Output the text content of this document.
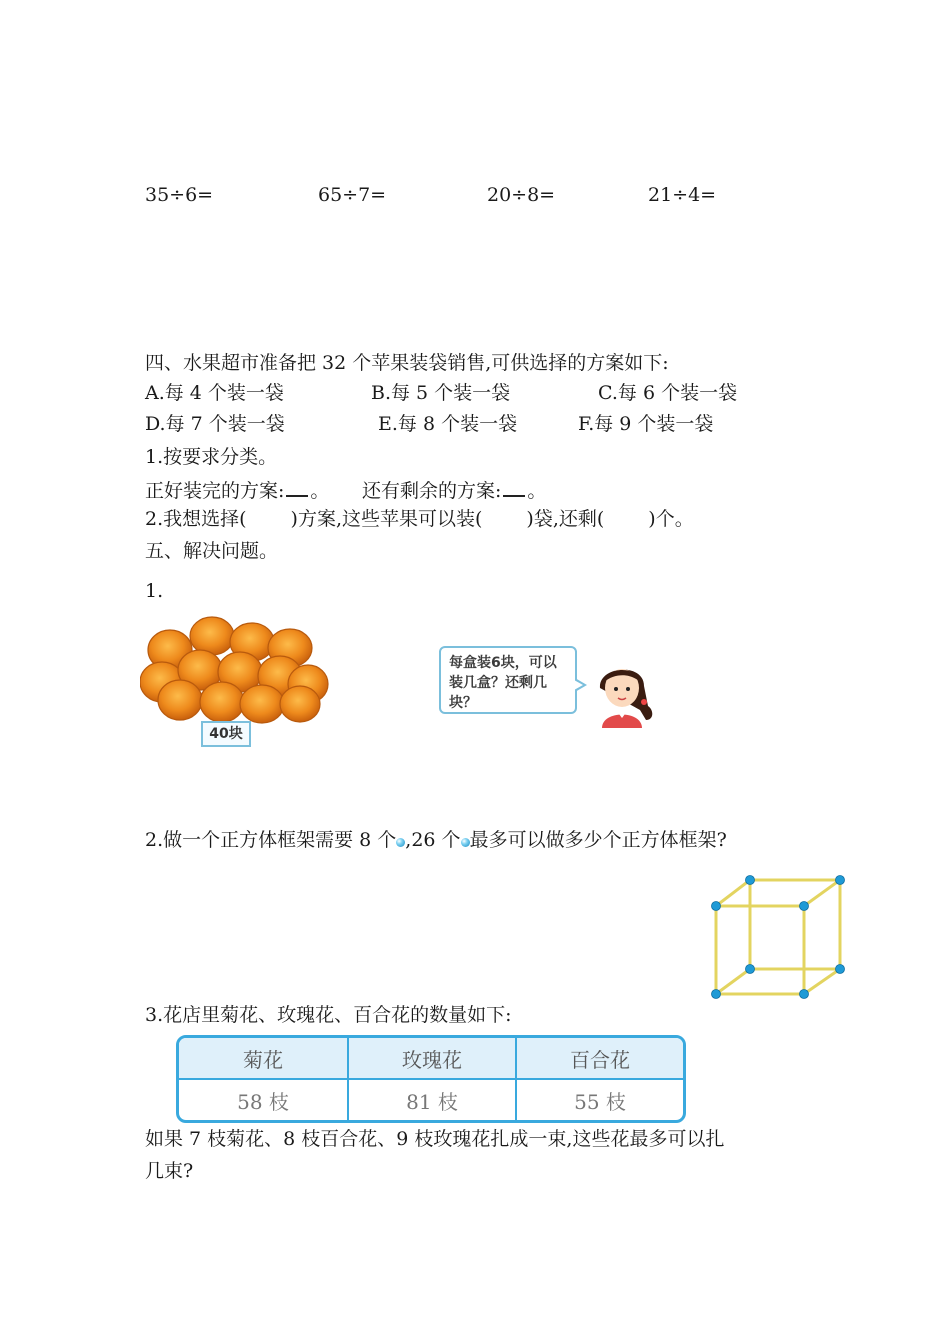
35÷6=	65÷7=	20÷8=	21÷4=
四、水果超市准备把 32 个苹果装袋销售,可供选择的方案如下:
A.每 4 个装一袋	B.每 5 个装一袋	C.每 6 个装一袋
D.每 7 个装一袋	E.每 8 个装一袋	F.每 9 个装一袋
1.按要求分类。
正好装完的方案: 。 还有剩余的方案: 。
2.我想选择( )方案,这些苹果可以装( )袋,还剩( )个。
五、解决问题。
1.
40块
每盒装6块，可以装几盒？还剩几块？
2.做一个正方体框架需要 8 个 ,26 个 最多可以做多少个正方体框架?
3.花店里菊花、玫瑰花、百合花的数量如下:
菊花	玫瑰花	百合花
58 枝	81 枝	55 枝
如果 7 枝菊花、8 枝百合花、9 枝玫瑰花扎成一束,这些花最多可以扎
几束?
